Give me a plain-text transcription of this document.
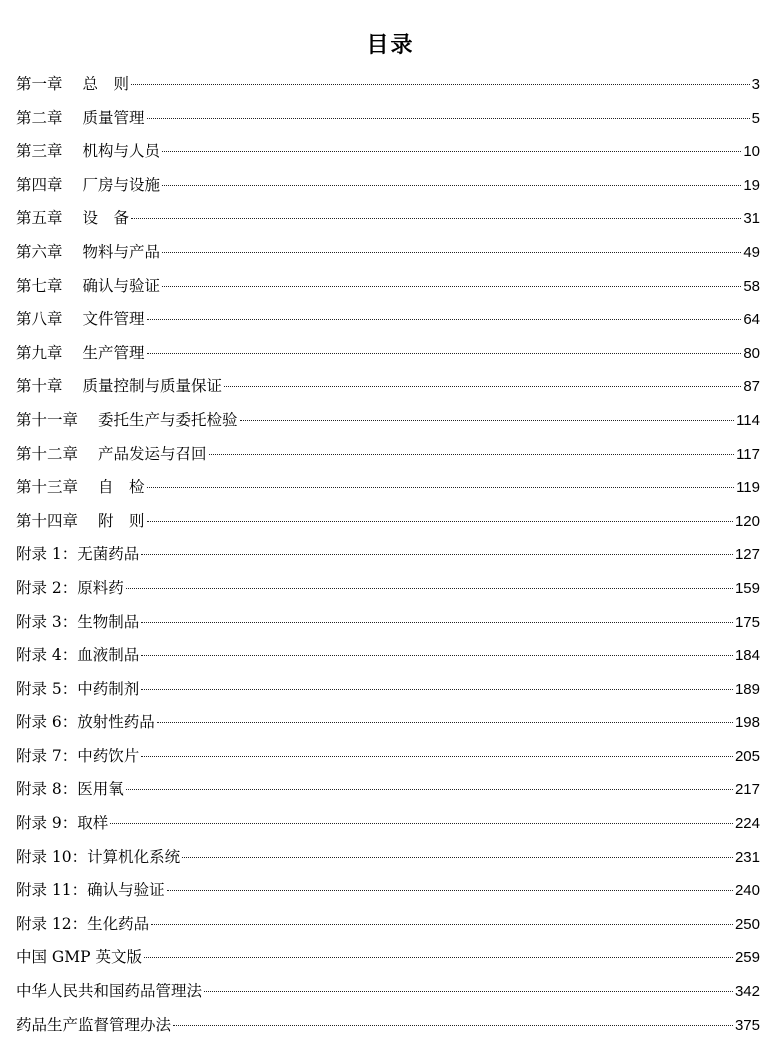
目录
第一章 总　则	3
第二章 质量管理	5
第三章 机构与人员	10
第四章 厂房与设施	19
第五章 设　备	31
第六章 物料与产品	49
第七章 确认与验证	58
第八章 文件管理	64
第九章 生产管理	80
第十章 质量控制与质量保证	87
第十一章 委托生产与委托检验	114
第十二章 产品发运与召回	117
第十三章 自　检	119
第十四章 附　则	120
附录 1：无菌药品	127
附录 2：原料药	159
附录 3：生物制品	175
附录 4：血液制品	184
附录 5：中药制剂	189
附录 6：放射性药品	198
附录 7：中药饮片	205
附录 8：医用氧	217
附录 9：取样	224
附录 10：计算机化系统	231
附录 11：确认与验证	240
附录 12：生化药品	250
中国 GMP 英文版	259
中华人民共和国药品管理法	342
药品生产监督管理办法	375
